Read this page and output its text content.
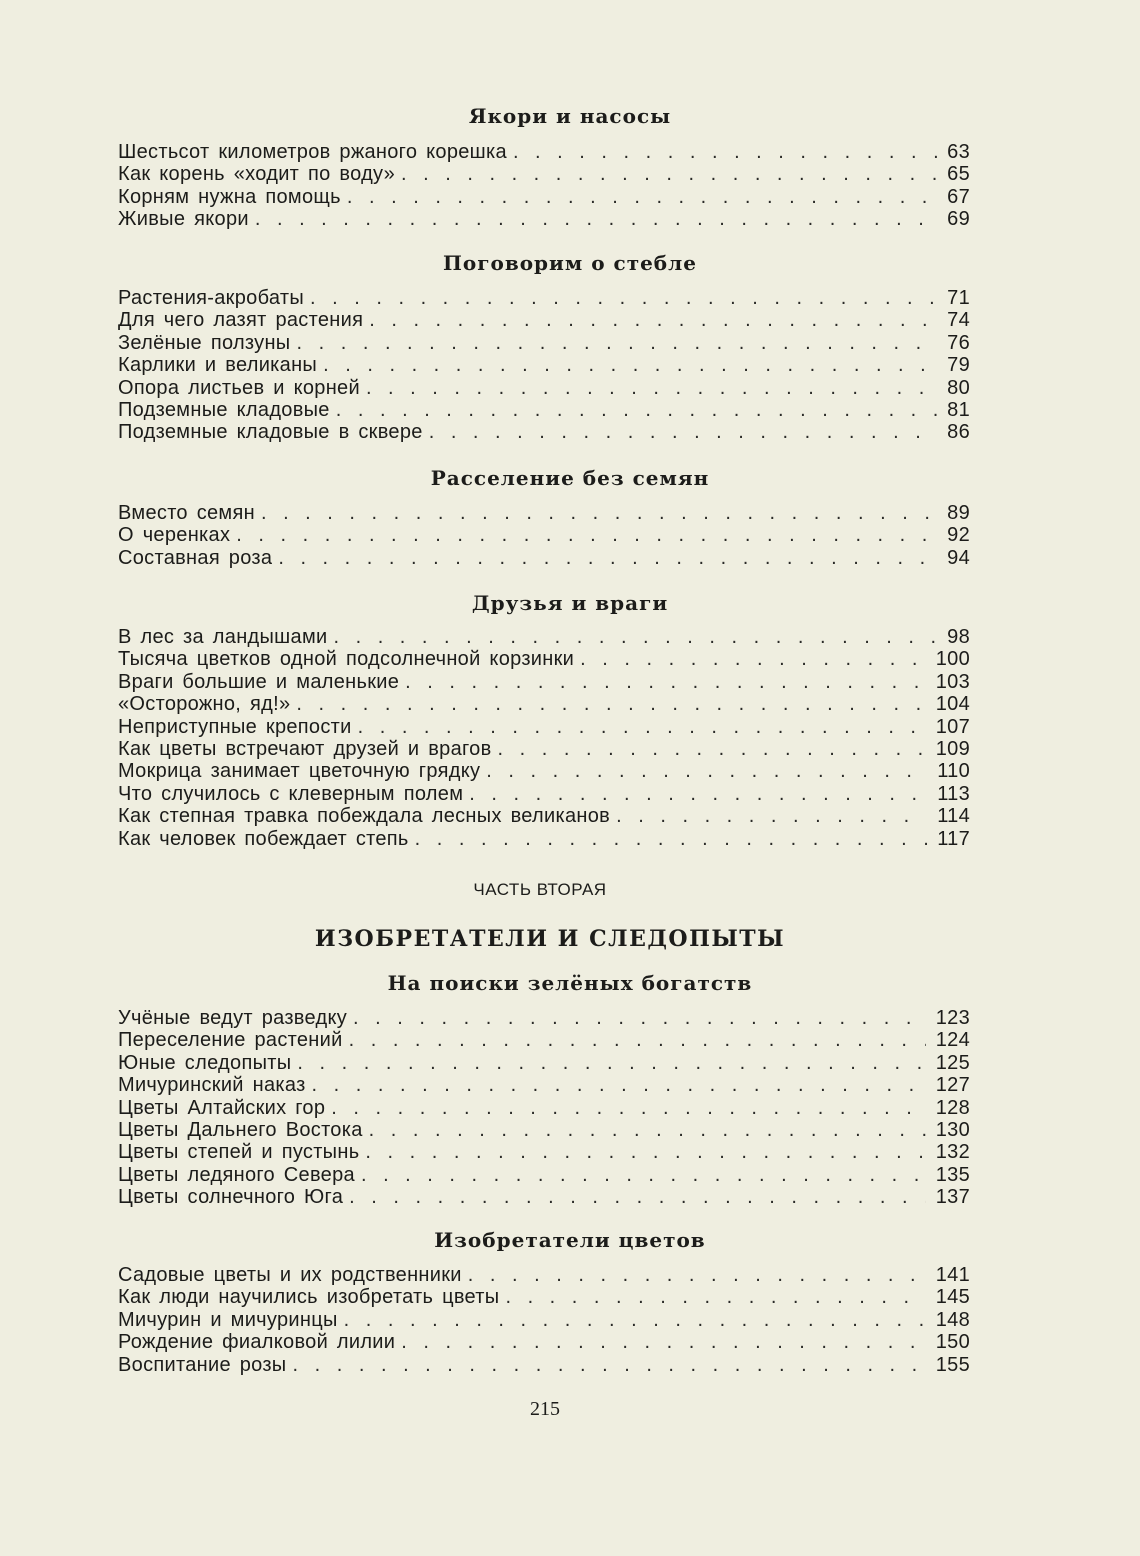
Якори и насосы
Шестьсот километров ржаного корешка . . .	63
Как корень «ходит по воду» . . .	65
Корням нужна помощь . . .	67
Живые якори . . .	69
Поговорим о стебле
Растения-акробаты . . .	71
Для чего лазят растения . . .	74
Зелёные ползуны . . .	76
Карлики и великаны . . .	79
Опора листьев и корней . . .	80
Подземные кладовые . . .	81
Подземные кладовые в сквере . . .	86
Расселение без семян
Вместо семян . . .	89
О черенках . . .	92
Составная роза . . .	94
Друзья и враги
В лес за ландышами . . .	98
Тысяча цветков одной подсолнечной корзинки . . .	100
Враги большие и маленькие . . .	103
«Осторожно, яд!» . . .	104
Неприступные крепости . . .	107
Как цветы встречают друзей и врагов . . .	109
Мокрица занимает цветочную грядку . . .	110
Что случилось с клеверным полем . . .	113
Как степная травка побеждала лесных великанов . . .	114
Как человек побеждает степь . . .	117
ЧАСТЬ ВТОРАЯ
ИЗОБРЕТАТЕЛИ И СЛЕДОПЫТЫ
На поиски зелёных богатств
Учёные ведут разведку . . .	123
Переселение растений . . .	124
Юные следопыты . . .	125
Мичуринский наказ . . .	127
Цветы Алтайских гор . . .	128
Цветы Дальнего Востока . . .	130
Цветы степей и пустынь . . .	132
Цветы ледяного Севера . . .	135
Цветы солнечного Юга . . .	137
Изобретатели цветов
Садовые цветы и их родственники . . .	141
Как люди научились изобретать цветы . . .	145
Мичурин и мичуринцы . . .	148
Рождение фиалковой лилии . . .	150
Воспитание розы . . .	155
215
